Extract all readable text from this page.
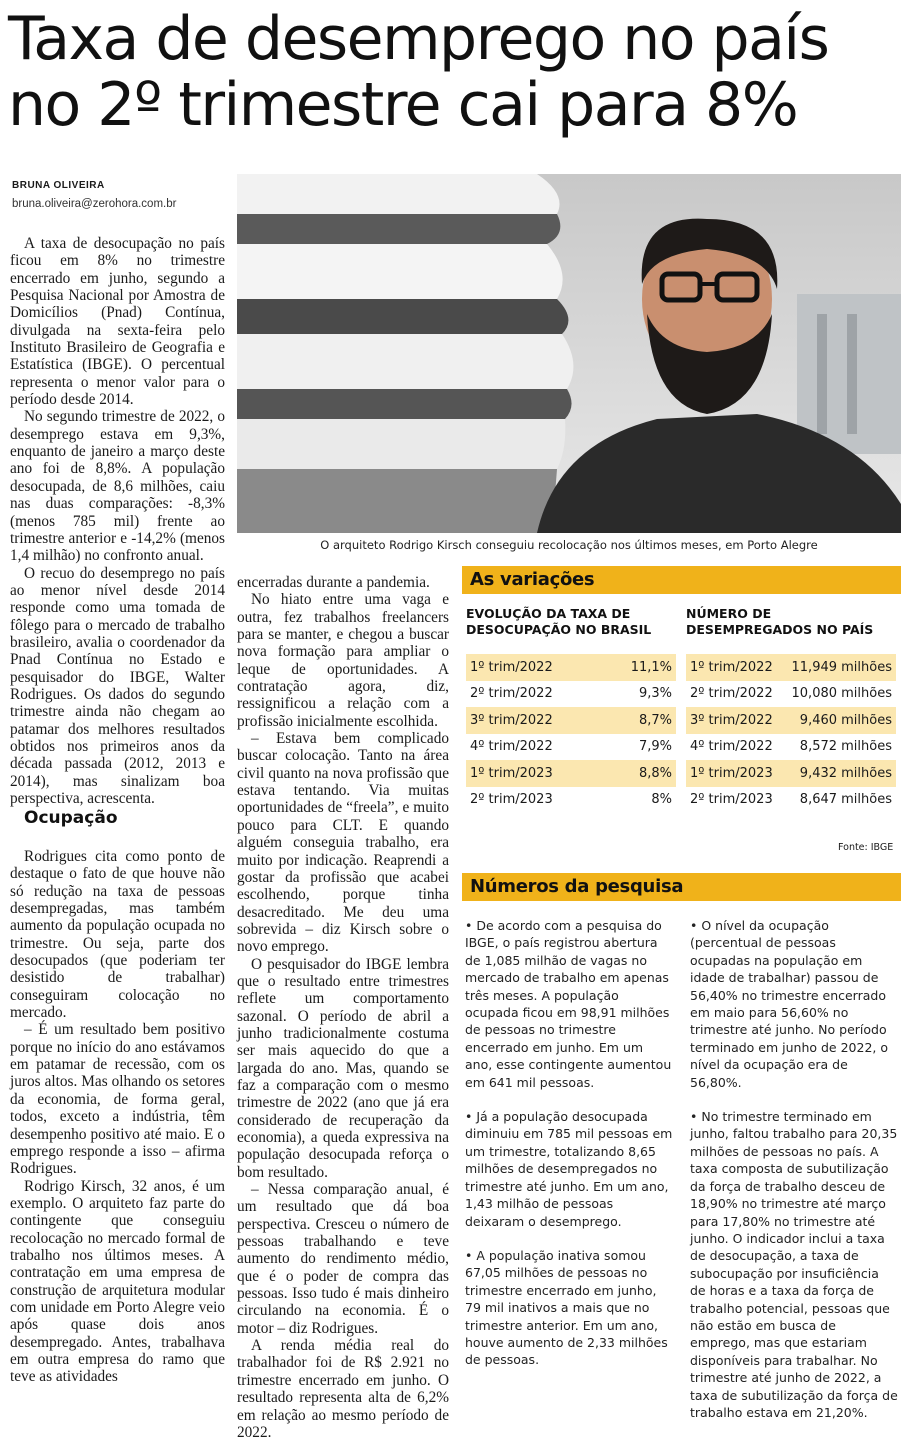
Taxa de desemprego no país no 2º trimestre cai para 8%
BRUNA OLIVEIRA
bruna.oliveira@zerohora.com.br

A taxa de desocupação no país ficou em 8% no trimestre encerrado em junho, segundo a Pesquisa Nacional por Amostra de Domicílios (Pnad) Contínua, divulgada na sexta-feira pelo Instituto Brasileiro de Geografia e Estatística (IBGE). O percentual representa o menor valor para o período desde 2014.

No segundo trimestre de 2022, o desemprego estava em 9,3%, enquanto de janeiro a março deste ano foi de 8,8%. A população desocupada, de 8,6 milhões, caiu nas duas comparações: -8,3% (menos 785 mil) frente ao trimestre anterior e -14,2% (menos 1,4 milhão) no confronto anual.

O recuo do desemprego no país ao menor nível desde 2014 responde como uma tomada de fôlego para o mercado de trabalho brasileiro, avalia o coordenador da Pnad Contínua no Estado e pesquisador do IBGE, Walter Rodrigues. Os dados do segundo trimestre ainda não chegam ao patamar dos melhores resultados obtidos nos primeiros anos da década passada (2012, 2013 e 2014), mas sinalizam boa perspectiva, acrescenta.

Ocupação

Rodrigues cita como ponto de destaque o fato de que houve não só redução na taxa de pessoas desempregadas, mas também aumento da população ocupada no trimestre. Ou seja, parte dos desocupados (que poderiam ter desistido de trabalhar) conseguiram colocação no mercado.

– É um resultado bem positivo porque no início do ano estávamos em patamar de recessão, com os juros altos. Mas olhando os setores da economia, de forma geral, todos, exceto a indústria, têm desempenho positivo até maio. E o emprego responde a isso – afirma Rodrigues.

Rodrigo Kirsch, 32 anos, é um exemplo. O arquiteto faz parte do contingente que conseguiu recolocação no mercado formal de trabalho nos últimos meses. A contratação em uma empresa de construção de arquitetura modular com unidade em Porto Alegre veio após quase dois anos desempregado. Antes, trabalhava em outra empresa do ramo que teve as atividades

O arquiteto Rodrigo Kirsch conseguiu recolocação nos últimos meses, em Porto Alegre

encerradas durante a pandemia.

No hiato entre uma vaga e outra, fez trabalhos freelancers para se manter, e chegou a buscar nova formação para ampliar o leque de oportunidades. A contratação agora, diz, ressignificou a relação com a profissão inicialmente escolhida.

– Estava bem complicado buscar colocação. Tanto na área civil quanto na nova profissão que estava tentando. Via muitas oportunidades de “freela”, e muito pouco para CLT. E quando alguém conseguia trabalho, era muito por indicação. Reaprendi a gostar da profissão que acabei escolhendo, porque tinha desacreditado. Me deu uma sobrevida – diz Kirsch sobre o novo emprego.

O pesquisador do IBGE lembra que o resultado entre trimestres reflete um comportamento sazonal. O período de abril a junho tradicionalmente costuma ser mais aquecido do que a largada do ano. Mas, quando se faz a comparação com o mesmo trimestre de 2022 (ano que já era considerado de recuperação da economia), a queda expressiva na população desocupada reforça o bom resultado.

– Nessa comparação anual, é um resultado que dá boa perspectiva. Cresceu o número de pessoas trabalhando e teve aumento do rendimento médio, que é o poder de compra das pessoas. Isso tudo é mais dinheiro circulando na economia. É o motor – diz Rodrigues.

A renda média real do trabalhador foi de R$ 2.921 no trimestre encerrado em junho. O resultado representa alta de 6,2% em relação ao mesmo período de 2022.

As variações
EVOLUÇÃO DA TAXA DE DESOCUPAÇÃO NO BRASIL
1º trim/2022	11,1%
2º trim/2022	9,3%
3º trim/2022	8,7%
4º trim/2022	7,9%
1º trim/2023	8,8%
2º trim/2023	8%
NÚMERO DE DESEMPREGADOS NO PAÍS
1º trim/2022 11,949 milhões
2º trim/2022 10,080 milhões
3º trim/2022 9,460 milhões
4º trim/2022 8,572 milhões
1º trim/2023 9,432 milhões
2º trim/2023 8,647 milhões
Fonte: IBGE
Números da pesquisa

• De acordo com a pesquisa do IBGE, o país registrou abertura de 1,085 milhão de vagas no mercado de trabalho em apenas três meses. A população ocupada ficou em 98,91 milhões de pessoas no trimestre encerrado em junho. Em um ano, esse contingente aumentou em 641 mil pessoas.

• Já a população desocupada diminuiu em 785 mil pessoas em um trimestre, totalizando 8,65 milhões de desempregados no trimestre até junho. Em um ano, 1,43 milhão de pessoas deixaram o desemprego.

• A população inativa somou 67,05 milhões de pessoas no trimestre encerrado em junho, 79 mil inativos a mais que no trimestre anterior. Em um ano, houve aumento de 2,33 milhões de pessoas.

• O nível da ocupação (percentual de pessoas ocupadas na população em idade de trabalhar) passou de 56,40% no trimestre encerrado em maio para 56,60% no trimestre até junho. No período terminado em junho de 2022, o nível da ocupação era de 56,80%.

• No trimestre terminado em junho, faltou trabalho para 20,35 milhões de pessoas no país. A taxa composta de subutilização da força de trabalho desceu de 18,90% no trimestre até março para 17,80% no trimestre até junho. O indicador inclui a taxa de desocupação, a taxa de subocupação por insuficiência de horas e a taxa da força de trabalho potencial, pessoas que não estão em busca de emprego, mas que estariam disponíveis para trabalhar. No trimestre até junho de 2022, a taxa de subutilização da força de trabalho estava em 21,20%.
